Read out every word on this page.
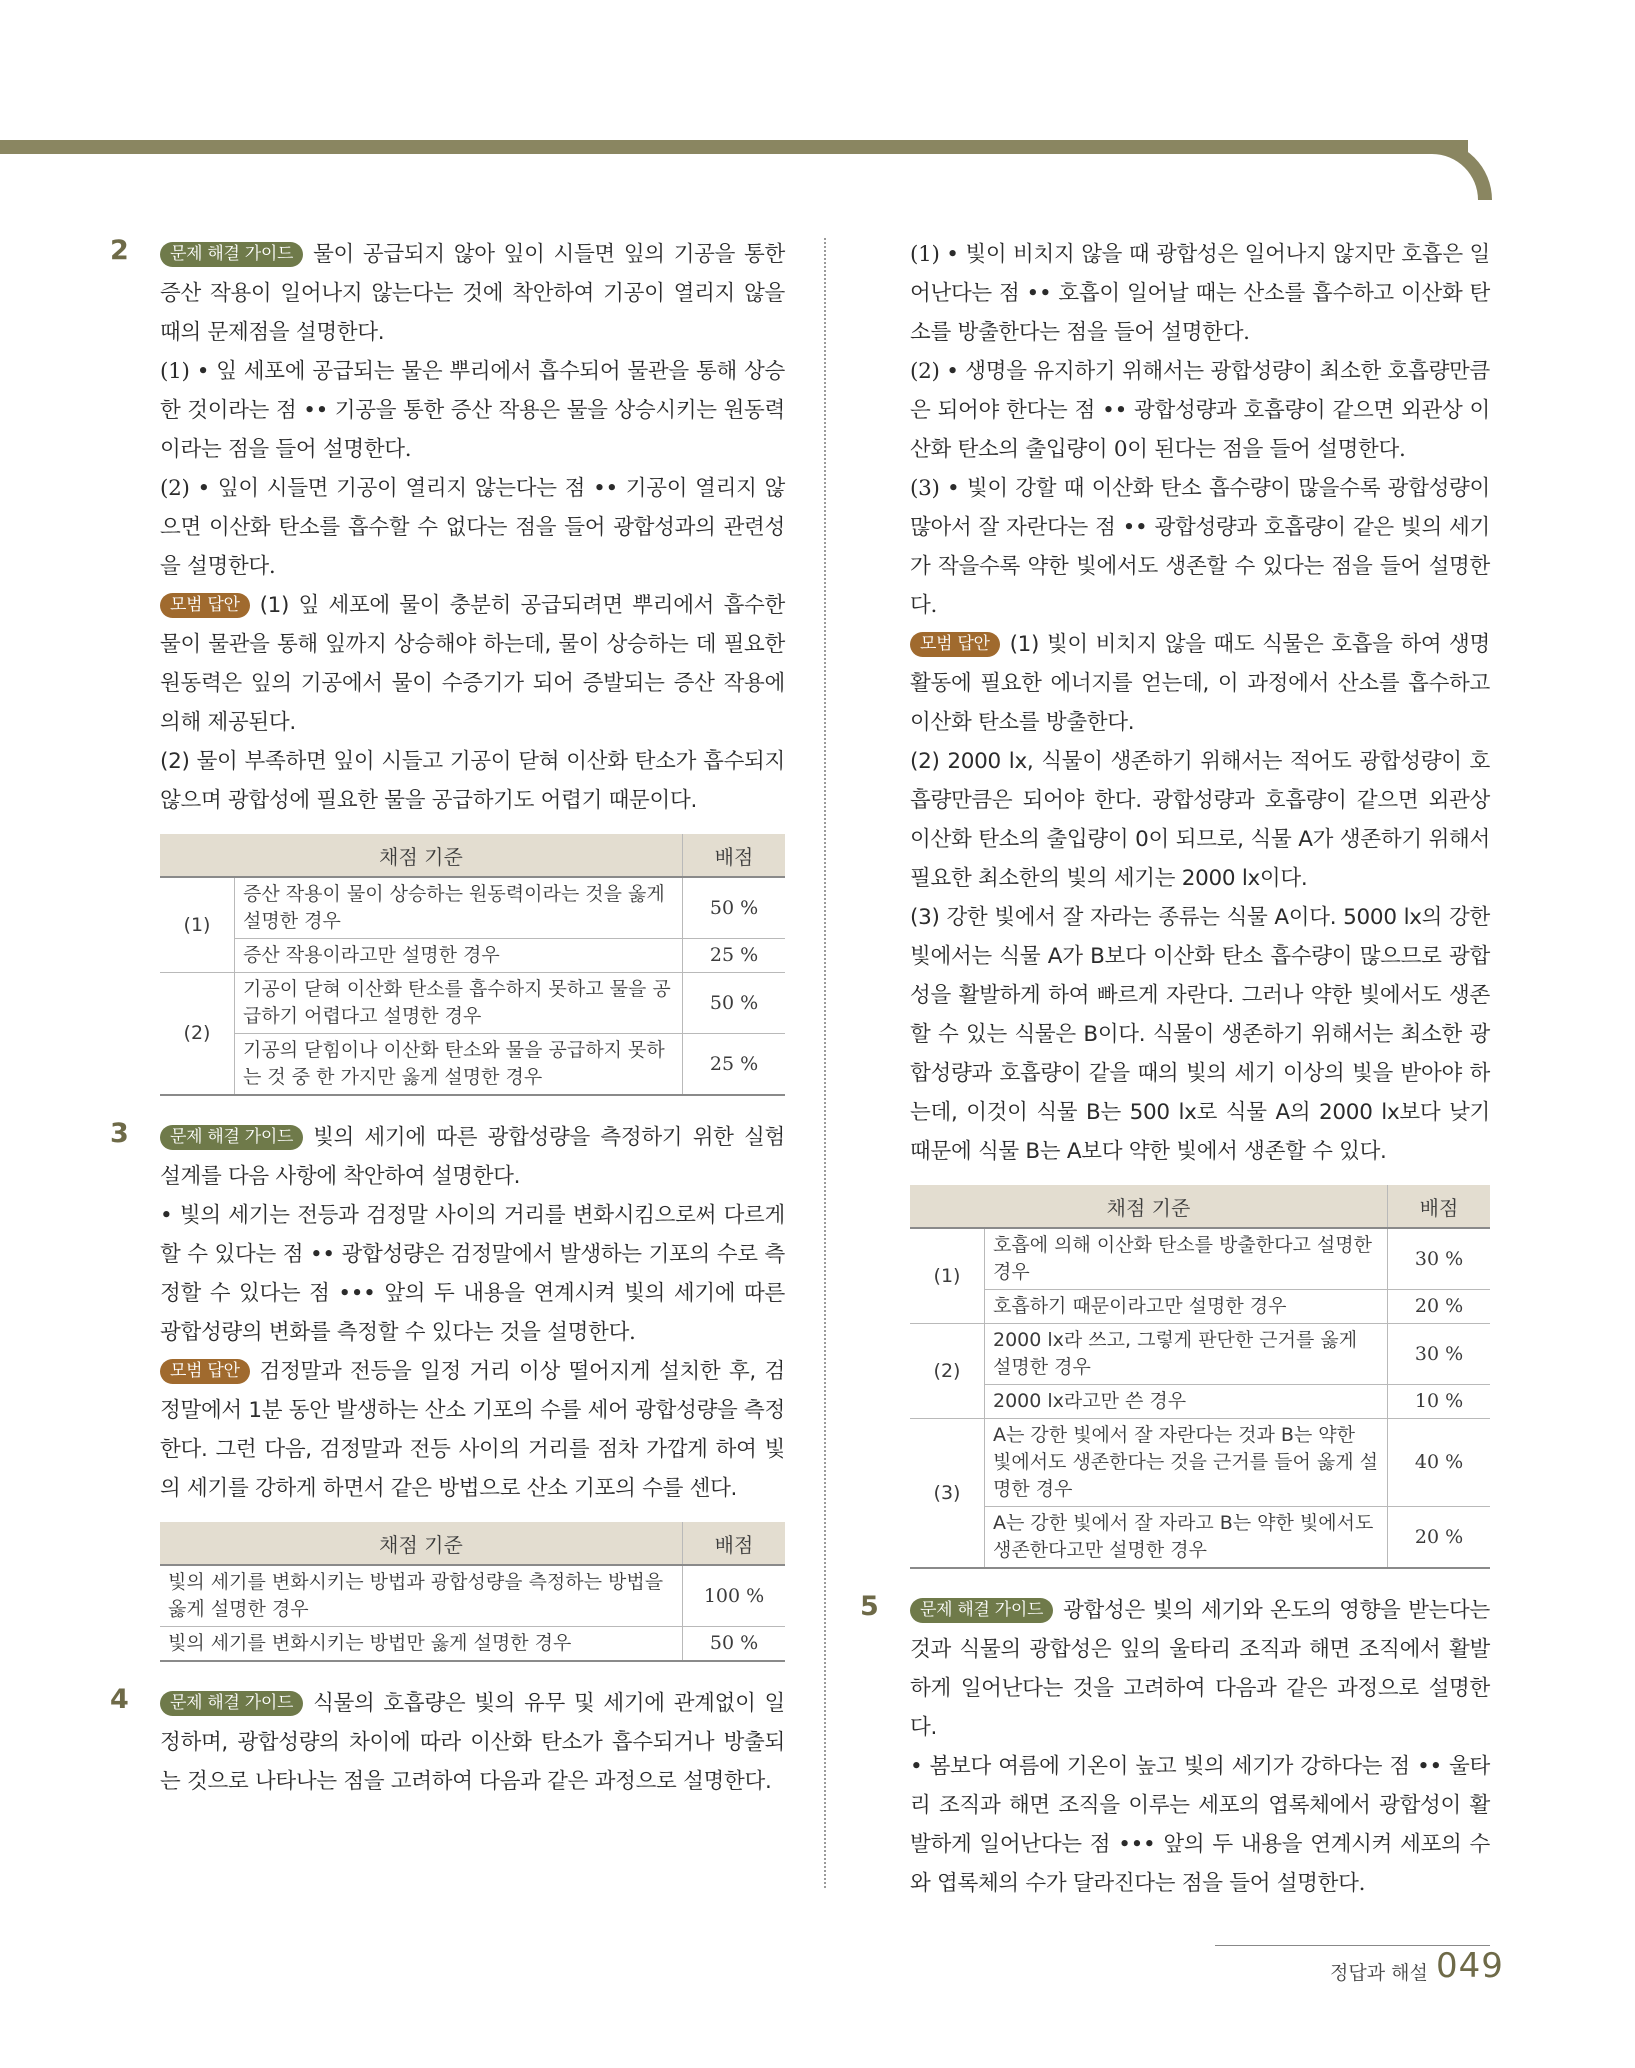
2	문제 해결 가이드 물이 공급되지 않아 잎이 시들면 잎의 기공을 통한 증산 작용이 일어나지 않는다는 것에 착안하여 기공이 열리지 않을 때의 문제점을 설명한다.

(1) • 잎 세포에 공급되는 물은 뿌리에서 흡수되어 물관을 통해 상승한 것이라는 점 •• 기공을 통한 증산 작용은 물을 상승시키는 원동력이라는 점을 들어 설명한다.

(2) • 잎이 시들면 기공이 열리지 않는다는 점 •• 기공이 열리지 않으면 이산화 탄소를 흡수할 수 없다는 점을 들어 광합성과의 관련성을 설명한다.

모범 답안 (1) 잎 세포에 물이 충분히 공급되려면 뿌리에서 흡수한 물이 물관을 통해 잎까지 상승해야 하는데, 물이 상승하는 데 필요한 원동력은 잎의 기공에서 물이 수증기가 되어 증발되는 증산 작용에 의해 제공된다.

(2) 물이 부족하면 잎이 시들고 기공이 닫혀 이산화 탄소가 흡수되지 않으며 광합성에 필요한 물을 공급하기도 어렵기 때문이다.

채점 기준		배점
(1)	증산 작용이 물이 상승하는 원동력이라는 것을 옳게 설명한 경우	50 %
	증산 작용이라고만 설명한 경우	25 %
(2)	기공이 닫혀 이산화 탄소를 흡수하지 못하고 물을 공급하기 어렵다고 설명한 경우	50 %
	기공의 닫힘이나 이산화 탄소와 물을 공급하지 못하는 것 중 한 가지만 옳게 설명한 경우	25 %
3	문제 해결 가이드 빛의 세기에 따른 광합성량을 측정하기 위한 실험 설계를 다음 사항에 착안하여 설명한다.

• 빛의 세기는 전등과 검정말 사이의 거리를 변화시킴으로써 다르게 할 수 있다는 점 •• 광합성량은 검정말에서 발생하는 기포의 수로 측정할 수 있다는 점 ••• 앞의 두 내용을 연계시켜 빛의 세기에 따른 광합성량의 변화를 측정할 수 있다는 것을 설명한다.

모범 답안 검정말과 전등을 일정 거리 이상 떨어지게 설치한 후, 검정말에서 1분 동안 발생하는 산소 기포의 수를 세어 광합성량을 측정한다. 그런 다음, 검정말과 전등 사이의 거리를 점차 가깝게 하여 빛의 세기를 강하게 하면서 같은 방법으로 산소 기포의 수를 센다.

채점 기준	배점
빛의 세기를 변화시키는 방법과 광합성량을 측정하는 방법을 옳게 설명한 경우	100 %
빛의 세기를 변화시키는 방법만 옳게 설명한 경우	50 %
4	문제 해결 가이드 식물의 호흡량은 빛의 유무 및 세기에 관계없이 일정하며, 광합성량의 차이에 따라 이산화 탄소가 흡수되거나 방출되는 것으로 나타나는 점을 고려하여 다음과 같은 과정으로 설명한다.

(1) • 빛이 비치지 않을 때 광합성은 일어나지 않지만 호흡은 일어난다는 점 •• 호흡이 일어날 때는 산소를 흡수하고 이산화 탄소를 방출한다는 점을 들어 설명한다.

(2) • 생명을 유지하기 위해서는 광합성량이 최소한 호흡량만큼은 되어야 한다는 점 •• 광합성량과 호흡량이 같으면 외관상 이산화 탄소의 출입량이 0이 된다는 점을 들어 설명한다.

(3) • 빛이 강할 때 이산화 탄소 흡수량이 많을수록 광합성량이 많아서 잘 자란다는 점 •• 광합성량과 호흡량이 같은 빛의 세기가 작을수록 약한 빛에서도 생존할 수 있다는 점을 들어 설명한다.

모범 답안 (1) 빛이 비치지 않을 때도 식물은 호흡을 하여 생명 활동에 필요한 에너지를 얻는데, 이 과정에서 산소를 흡수하고 이산화 탄소를 방출한다.

(2) 2000 lx, 식물이 생존하기 위해서는 적어도 광합성량이 호흡량만큼은 되어야 한다. 광합성량과 호흡량이 같으면 외관상 이산화 탄소의 출입량이 0이 되므로, 식물 A가 생존하기 위해서 필요한 최소한의 빛의 세기는 2000 lx이다.

(3) 강한 빛에서 잘 자라는 종류는 식물 A이다. 5000 lx의 강한 빛에서는 식물 A가 B보다 이산화 탄소 흡수량이 많으므로 광합성을 활발하게 하여 빠르게 자란다. 그러나 약한 빛에서도 생존할 수 있는 식물은 B이다. 식물이 생존하기 위해서는 최소한 광합성량과 호흡량이 같을 때의 빛의 세기 이상의 빛을 받아야 하는데, 이것이 식물 B는 500 lx로 식물 A의 2000 lx보다 낮기 때문에 식물 B는 A보다 약한 빛에서 생존할 수 있다.

채점 기준		배점
(1)	호흡에 의해 이산화 탄소를 방출한다고 설명한 경우	30 %
	호흡하기 때문이라고만 설명한 경우	20 %
(2)	2000 lx라 쓰고, 그렇게 판단한 근거를 옳게 설명한 경우	30 %
	2000 lx라고만 쓴 경우	10 %
(3)	A는 강한 빛에서 잘 자란다는 것과 B는 약한 빛에서도 생존한다는 것을 근거를 들어 옳게 설명한 경우	40 %
	A는 강한 빛에서 잘 자라고 B는 약한 빛에서도 생존한다고만 설명한 경우	20 %
5	문제 해결 가이드 광합성은 빛의 세기와 온도의 영향을 받는다는 것과 식물의 광합성은 잎의 울타리 조직과 해면 조직에서 활발하게 일어난다는 것을 고려하여 다음과 같은 과정으로 설명한다.

• 봄보다 여름에 기온이 높고 빛의 세기가 강하다는 점 •• 울타리 조직과 해면 조직을 이루는 세포의 엽록체에서 광합성이 활발하게 일어난다는 점 ••• 앞의 두 내용을 연계시켜 세포의 수와 엽록체의 수가 달라진다는 점을 들어 설명한다.

정답과 해설 049
